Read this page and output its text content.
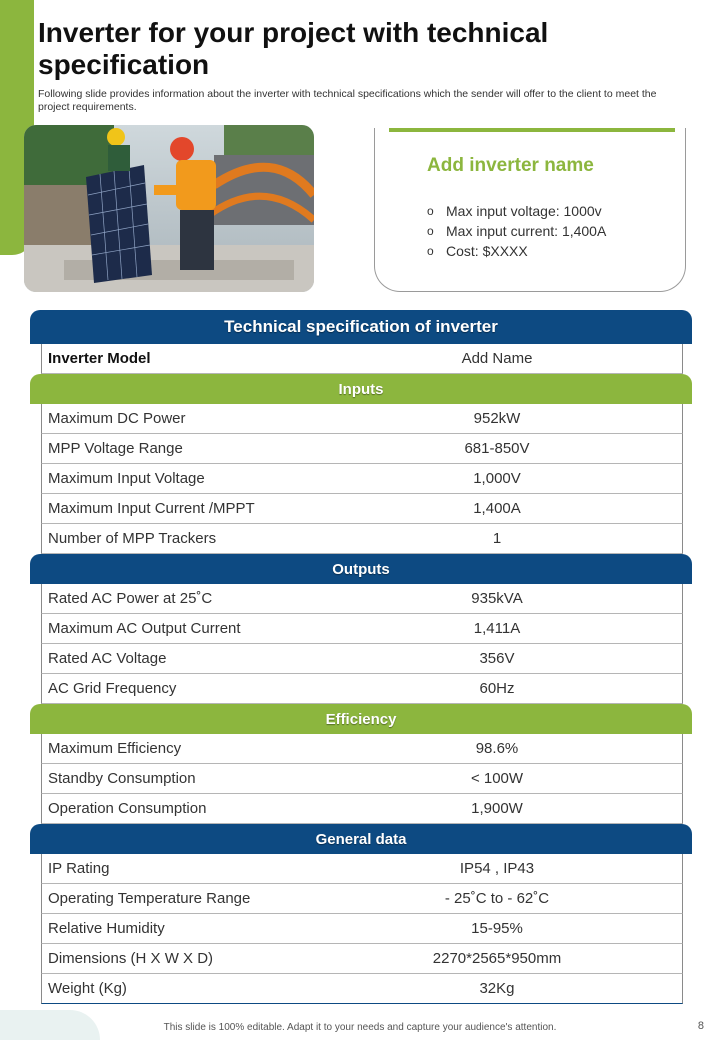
Inverter for your project with technical specification

Following slide provides information about the inverter with technical specifications which the sender will offer to the client to meet the project requirements.

Add inverter name
o Max input voltage: 1000v
o Max input current: 1,400A
o Cost: $XXXX
Technical specification of inverter
Inverter Model	Add Name
Inputs
Maximum DC Power	952kW
MPP Voltage Range	681-850V
Maximum Input Voltage	1,000V
Maximum Input Current /MPPT	1,400A
Number of MPP Trackers	1
Outputs
Rated AC Power at 25˚C	935kVA
Maximum AC Output Current	1,411A
Rated AC Voltage	356V
AC Grid Frequency	60Hz
Efficiency
Maximum Efficiency	98.6%
Standby Consumption	< 100W
Operation Consumption	1,900W
General data
IP Rating	IP54 , IP43
Operating Temperature Range	- 25˚C to - 62˚C
Relative Humidity	15-95%
Dimensions (H X W X D)	2270*2565*950mm
Weight (Kg)	32Kg
This slide is 100% editable. Adapt it to your needs and capture your audience's attention.	8
